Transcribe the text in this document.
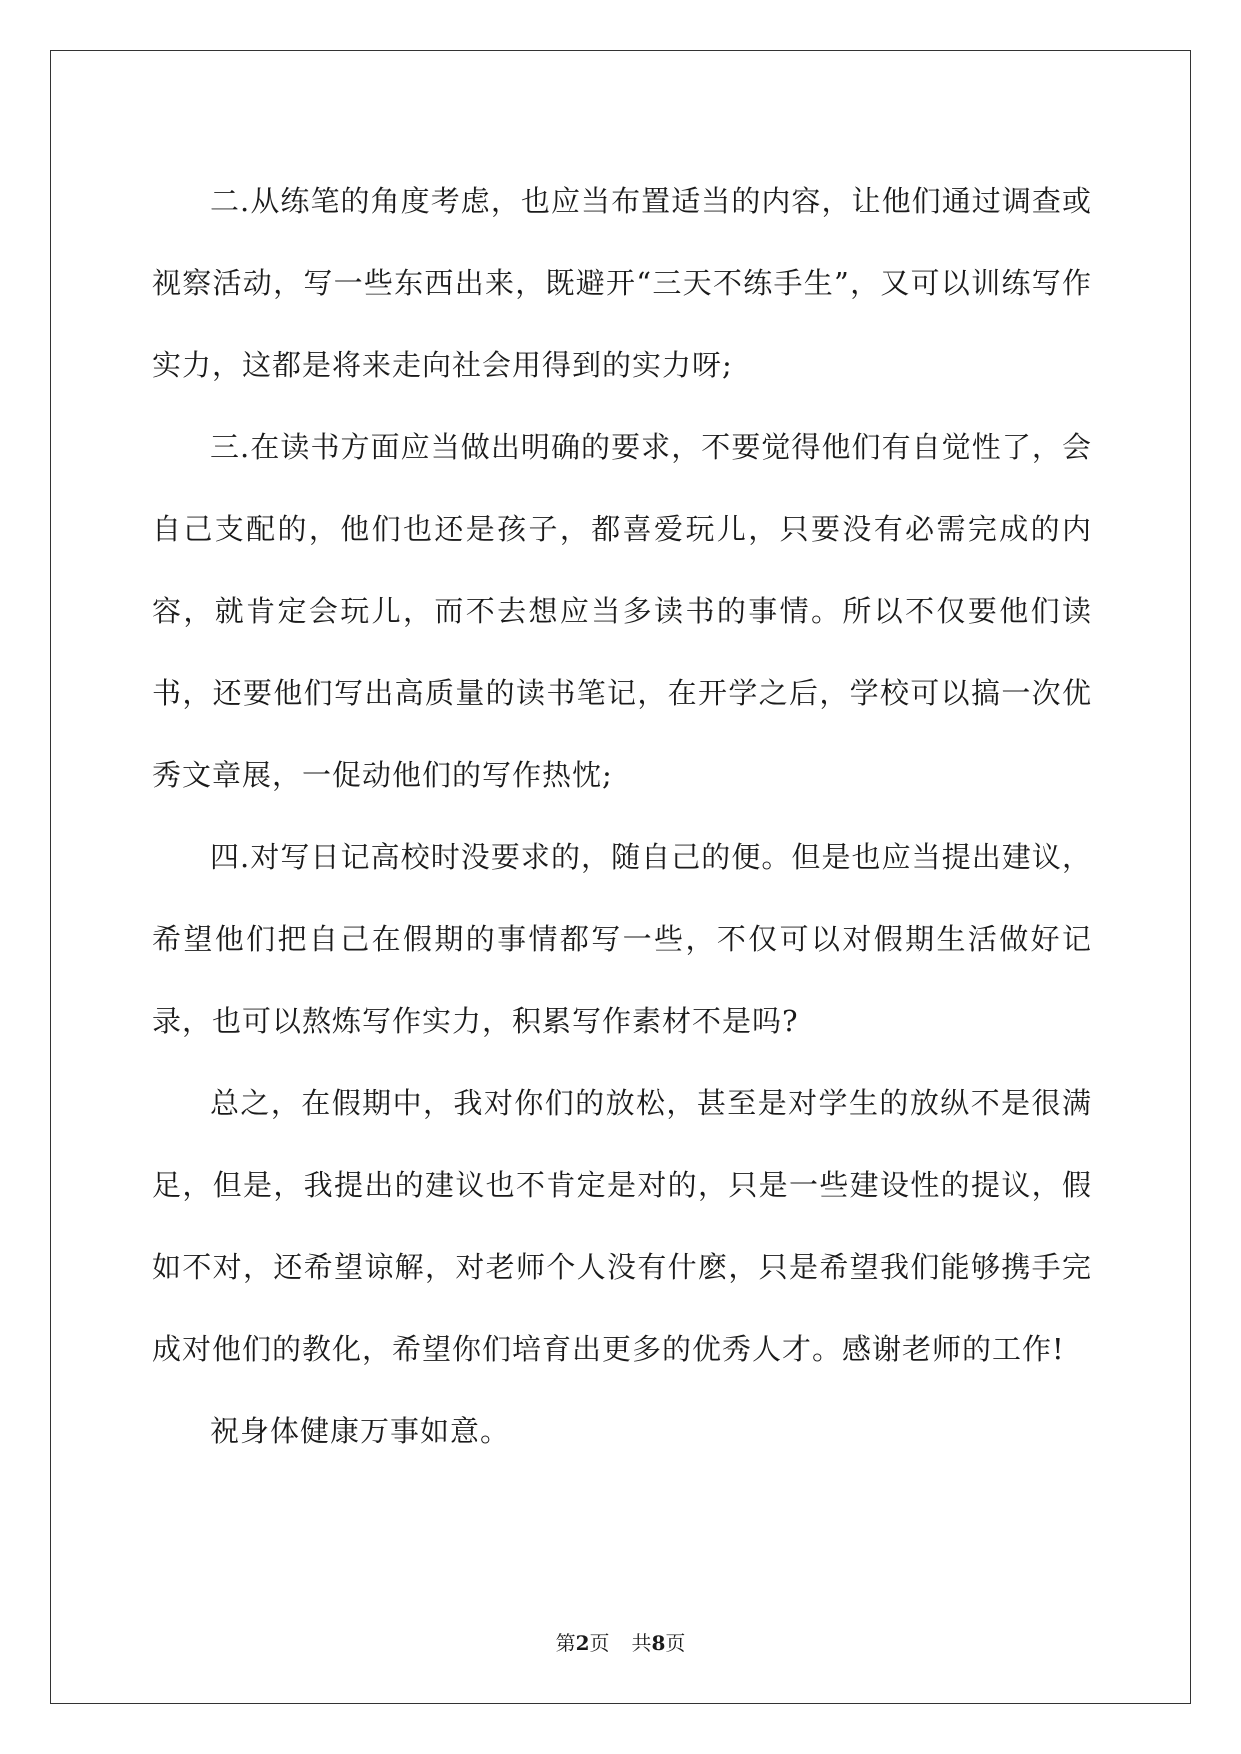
二.从练笔的角度考虑，也应当布置适当的内容，让他们通过调查或视察活动，写一些东西出来，既避开“三天不练手生”，又可以训练写作实力，这都是将来走向社会用得到的实力呀;

三.在读书方面应当做出明确的要求，不要觉得他们有自觉性了，会自己支配的，他们也还是孩子，都喜爱玩儿，只要没有必需完成的内容，就肯定会玩儿，而不去想应当多读书的事情。所以不仅要他们读书，还要他们写出高质量的读书笔记，在开学之后，学校可以搞一次优秀文章展，一促动他们的写作热忱;

四.对写日记高校时没要求的，随自己的便。但是也应当提出建议，希望他们把自己在假期的事情都写一些，不仅可以对假期生活做好记录，也可以熬炼写作实力，积累写作素材不是吗?

总之，在假期中，我对你们的放松，甚至是对学生的放纵不是很满足，但是，我提出的建议也不肯定是对的，只是一些建设性的提议，假如不对，还希望谅解，对老师个人没有什麽，只是希望我们能够携手完成对他们的教化，希望你们培育出更多的优秀人才。感谢老师的工作!

祝身体健康万事如意。

第2页 共8页
